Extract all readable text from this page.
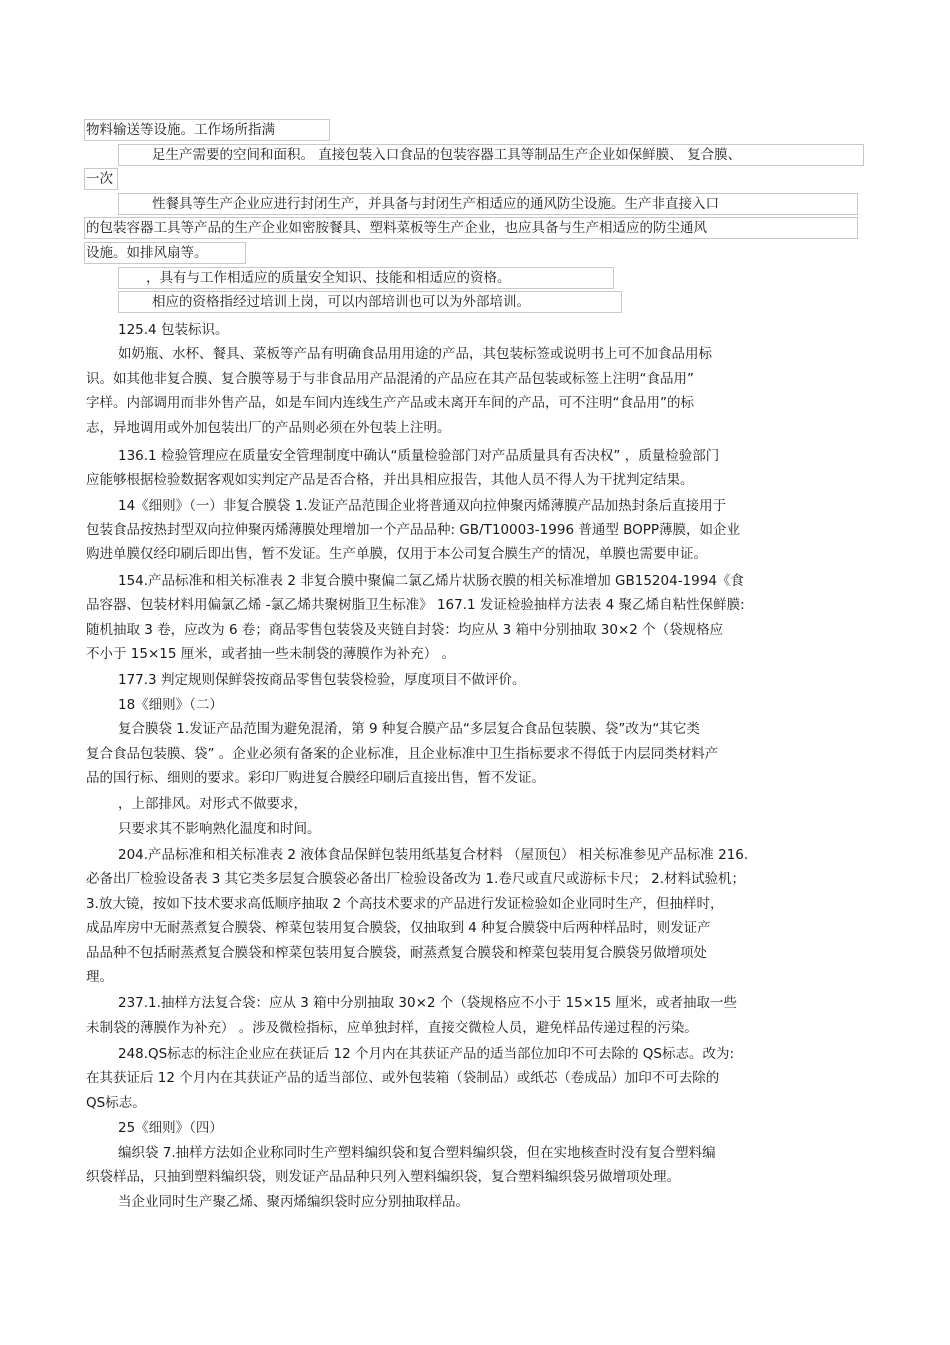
物料输送等设施。工作场所指满

足生产需要的空间和面积。 直接包装入口食品的包装容器工具等制品生产企业如保鲜膜、 复合膜、

一次

性餐具等生产企业应进行封闭生产，并具备与封闭生产相适应的通风防尘设施。生产非直接入口

的包装容器工具等产品的生产企业如密胺餐具、塑料菜板等生产企业，也应具备与生产相适应的防尘通风

设施。如排风扇等。

，具有与工作相适应的质量安全知识、技能和相适应的资格。

相应的资格指经过培训上岗，可以内部培训也可以为外部培训。

125.4 包装标识。

如奶瓶、水杯、餐具、菜板等产品有明确食品用用途的产品，其包装标签或说明书上可不加食品用标

识。如其他非复合膜、复合膜等易于与非食品用产品混淆的产品应在其产品包装或标签上注明“食品用”

字样。内部调用而非外售产品，如是车间内连线生产产品或未离开车间的产品，可不注明“食品用”的标

志，异地调用或外加包装出厂的产品则必须在外包装上注明。

136.1 检验管理应在质量安全管理制度中确认“质量检验部门对产品质量具有否决权” ，质量检验部门

应能够根据检验数据客观如实判定产品是否合格，并出具相应报告，其他人员不得人为干扰判定结果。

14《细则》（一）非复合膜袋 1.发证产品范围企业将普通双向拉伸聚丙烯薄膜产品加热封条后直接用于

包装食品按热封型双向拉伸聚丙烯薄膜处理增加一个产品品种: GB/T10003-1996 普通型 BOPP薄膜，如企业

购进单膜仅经印刷后即出售，暂不发证。生产单膜，仅用于本公司复合膜生产的情况，单膜也需要申证。

154.产品标准和相关标准表 2 非复合膜中聚偏二氯乙烯片状肠衣膜的相关标准增加 GB15204-1994《食

品容器、包装材料用偏氯乙烯 -氯乙烯共聚树脂卫生标准》 167.1 发证检验抽样方法表 4 聚乙烯自粘性保鲜膜:

随机抽取 3 卷，应改为 6 卷；商品零售包装袋及夹链自封袋：均应从 3 箱中分别抽取 30×2 个（袋规格应

不小于 15×15 厘米，或者抽一些未制袋的薄膜作为补充） 。

177.3 判定规则保鲜袋按商品零售包装袋检验，厚度项目不做评价。

18《细则》（二）

复合膜袋 1.发证产品范围为避免混淆，第 9 种复合膜产品“多层复合食品包装膜、袋”改为“其它类

复合食品包装膜、袋” 。企业必须有备案的企业标准，且企业标准中卫生指标要求不得低于内层同类材料产

品的国行标、细则的要求。彩印厂购进复合膜经印刷后直接出售，暂不发证。

，上部排风。对形式不做要求，

只要求其不影响熟化温度和时间。

204.产品标准和相关标准表 2 液体食品保鲜包装用纸基复合材料 （屋顶包） 相关标准参见产品标准 216.

必备出厂检验设备表 3 其它类多层复合膜袋必备出厂检验设备改为 1.卷尺或直尺或游标卡尺； 2.材料试验机；

3.放大镜，按如下技术要求高低顺序抽取 2 个高技术要求的产品进行发证检验如企业同时生产，但抽样时，

成品库房中无耐蒸煮复合膜袋、榨菜包装用复合膜袋，仅抽取到 4 种复合膜袋中后两种样品时，则发证产

品品种不包括耐蒸煮复合膜袋和榨菜包装用复合膜袋，耐蒸煮复合膜袋和榨菜包装用复合膜袋另做增项处

理。

237.1.抽样方法复合袋：应从 3 箱中分别抽取 30×2 个（袋规格应不小于 15×15 厘米，或者抽取一些

未制袋的薄膜作为补充） 。涉及微检指标，应单独封样，直接交微检人员，避免样品传递过程的污染。

248.QS标志的标注企业应在获证后 12 个月内在其获证产品的适当部位加印不可去除的 QS标志。改为:

在其获证后 12 个月内在其获证产品的适当部位、或外包装箱（袋制品）或纸芯（卷成品）加印不可去除的

QS标志。

25《细则》（四）

编织袋 7.抽样方法如企业称同时生产塑料编织袋和复合塑料编织袋，但在实地核查时没有复合塑料编

织袋样品，只抽到塑料编织袋，则发证产品品种只列入塑料编织袋，复合塑料编织袋另做增项处理。

当企业同时生产聚乙烯、聚丙烯编织袋时应分别抽取样品。
